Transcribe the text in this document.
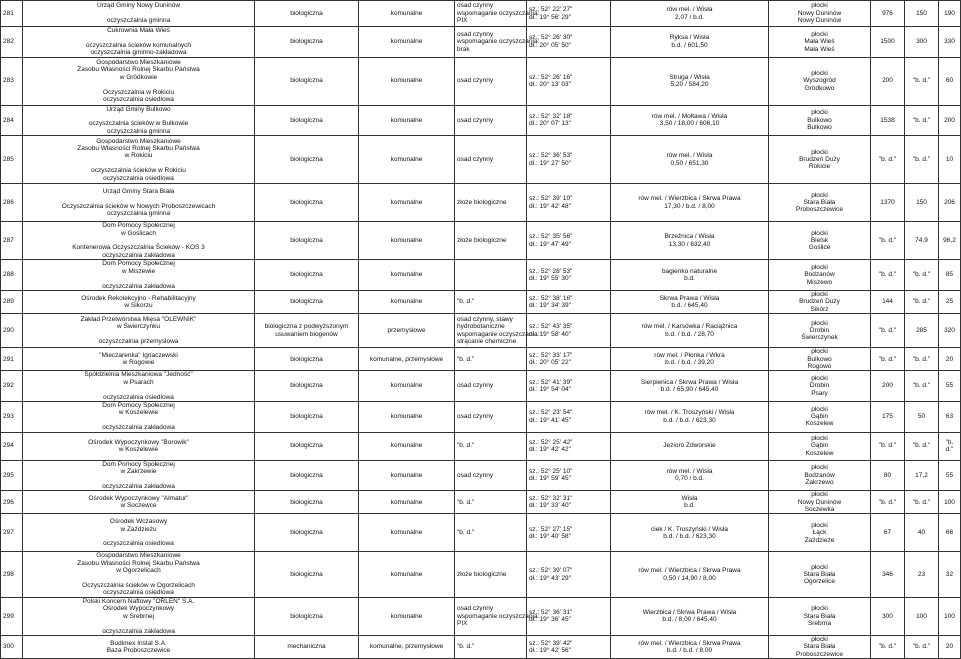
281	Urząd Gminy Nowy Duninów

oczyszczalnia gminna	biologiczna	komunalne	osad czynny
wspomaganie oczyszczania:
PIX	sz.: 52° 22' 27"
dł.: 19° 56' 29"	rów mel. / Wisła
2,07 / b.d.	płocki
Nowy Duninów
Nowy Duninów	976	150	190
282	Cukrownia Mała Wieś

oczyszczalnia ścieków komunalnych
oczyszczalnia gminno-zakładowa	biologiczna	komunalne	osad czynny
wspomaganie oczyszczania:
brak	sz.: 52° 26' 30"
dł.: 20° 05' 50"	Ryksa / Wisła
b.d. / 601,50	płocki
Mała Wieś
Mała Wieś	1500	300	330
283	Gospodarstwo Mieszkaniowe
Zasobu Własności Rolnej Skarbu Państwa
w Gródkowie

Oczyszczalnia w Rokiciu
oczyszczalnia osiedlowa	biologiczna	komunalne	osad czynny	sz.: 52° 26' 16"
dł.: 20° 13' 03"	Struga / Wisła
5,20 / 584,20	płocki
Wyszogród
Gródkowo	200	"b. d."	60
284	Urząd Gminy Bulkowo

oczyszczalnia ścieków w Bulkowie
oczyszczalnia gminna	biologiczna	komunalne	osad czynny	sz.: 52° 32' 18"
dł.: 20° 07' 13"	rów mel. / Mołtawa / Wisła
3,50 / 18,00 / 606,10	płocki
Bulkowo
Bulkowo	1538	"b. d."	200
285	Gospodarstwo Mieszkaniowe
Zasobu Własności Rolnej Skarbu Państwa
w Rokiciu

oczyszczalnia ścieków w Rokiciu
oczyszczalnia osiedlowa	biologiczna	komunalne	osad czynny	sz.: 52° 36' 53"
dł.: 19° 27' 50"	rów mel. / Wisła
0,50 / 651,30	płocki
Brudzeń Duży
Rokicie	"b. d."	"b. d."	10
286	Urząd Gminy Stara Biała

Oczyszczalnia ścieków w Nowych Proboszczewicach
oczyszczalnia gminna	biologiczna	komunalne	złoże biologiczne	sz.: 52° 39' 10"
dł.: 19° 42' 48"	rów mel. / Wierzbica / Skrwa Prawa
17,30 / b.d. / 8,00	płocki
Stara Biała
Proboszczewice	1370	150	206
287	Dom Pomocy Społecznej
w Goślicach

Kontenerowa Oczyszczalnia Ścieków - KOS 3
oczyszczalnia zakładowa	biologiczna	komunalne	złoże biologiczne	sz.: 52° 35' 56"
dł.: 19° 47' 49"	Brzeźnica / Wisła
13,30 / 632,40	płocki
Bielsk
Goślice	"b. d."	74,9	96,2
288	Dom Pomocy Społecznej
w Miszewie

oczyszczalnia zakładowa	biologiczna	komunalne		sz.: 52° 28' 53"
dł.: 19° 55' 30"	bagienko naturalne
b.d.	płocki
Bodzanów
Miszewo	"b. d."	"b. d."	85
289	Ośrodek Rekolekcyjno - Rehabilitacyjny
w Sikorzu	biologiczna	komunalne	"b. d."	sz.: 52° 38' 16"
dł.: 19° 34' 39"	Skrwa Prawa / Wisła
b.d. / 645,40	płocki
Brudzeń Duży
Sikórz	144	"b. d."	25
290	Zakład Przetwórstwa Mięsa "OLEWNIK"
w Świerczynku

oczyszczalnia przemysłowa	biologiczna z podwyższonym usuwaniem biogenów	przemysłowe	osad czynny, stawy
hydrobotaniczne
wspomaganie oczyszczania:
strącanie chemiczne	sz.: 52° 43' 35"
dł.: 19° 58' 40"	rów mel. / Karsówka / Raciążnica
b.d. / b.d. / 28,70	płocki
Drobin
Świerczynek	"b. d."	285	320
291	"Mieczarenka" Ignaczewski
w Rogowie	biologiczna	komunalne, przemysłowe	"b. d."	sz.: 52° 33' 17"
dł.: 20° 05' 22"	rów mel. / Płonka / Wkra
b.d. / b.d. / 39,20	płocki
Bulkowo
Rogowo	"b. d."	"b. d."	20
292	Spółdzielnia Mieszkaniowa "Jedność"
w Psarach

oczyszczalnia osiedlowa	biologiczna	komunalne	osad czynny	sz.: 52° 41' 39"
dł.: 19° 54' 04"	Sierpienica / Skrwa Prawa / Wisła
b.d. / 65,90 / 645,40	płocki
Drobin
Psary	200	"b. d."	55
293	Dom Pomocy Społecznej
w Koszelewie

oczyszczalnia zakładowa	biologiczna	komunalne	osad czynny	sz.: 52° 23' 54"
dł.: 19° 41' 45"	rów mel. / K. Troszyński / Wisła
b.d. / b.d. / 623,30	płocki
Gąbin
Koszelew	175	50	63
294	Ośrodek Wypoczynkowy "Borowik"
w Koszelewie	biologiczna	komunalne	"b. d."	sz.: 52° 25' 42"
dł.: 19° 42' 42"	Jezioro Zdworskie	płocki
Gąbin
Koszelew	"b. d."	"b. d."	"b. d."
295	Dom Pomocy Społecznej
w Zakrzewie

oczyszczalnia zakładowa	biologiczna	komunalne	osad czynny	sz.: 52° 25' 10"
dł.: 19° 59' 45"	rów mel. / Wisła
0,70 / b.d.	płocki
Bodzanów
Zakrzewo	80	17,2	55
296	Ośrodek Wypoczynkowy "Almatur"
w Soczewce	biologiczna	komunalne	"b. d."	sz.: 52° 32' 31"
dł.: 19° 33' 40"	Wisła
b.d.	płocki
Nowy Duninów
Soczewka	"b. d."	"b. d."	100
297	Ośrodek Wczasowy
w Zaździeżu

oczyszczalnia osiedlowa	biologiczna	komunalne	"b. d."	sz.: 52° 27' 15"
dł.: 19° 40' 58"	ciek / K. Troszyński / Wisła
b.d. / b.d. / 623,30	płocki
Łąck
Zaździeże	67	40	66
298	Gospodarstwo Mieszkaniowe
Zasobu Własności Rolnej Skarbu Państwa
w Ogorzelicach

Oczyszczalnia ścieków w Ogorzelicach
oczyszczalnia osiedlowa	biologiczna	komunalne	złoże biologiczne	sz.: 52° 39' 07"
dł.: 19° 43' 29"	rów mel. / Wierzbica / Skrwa Prawa
0,50 / 14,90 / 8,00	płocki
Stara Biała
Ogorzelice	346	23	32
299	Polski Koncern Naftowy "ORLEN" S.A.
Ośrodek Wypoczynkowy
w Srebrnej

oczyszczalnia zakładowa	biologiczna	komunalne	osad czynny
wspomaganie oczyszczania:
PIX	sz.: 52° 36' 31"
dł.: 19° 36' 45"	Wierzbica / Skrwa Prawa / Wisła
b.d. / 8,00 / 645,40	płocki
Stara Biała
Srebrna	300	100	100
300	Budimex Instal S.A.
Baza Proboszczewice	mechaniczna	komunalne, przemysłowe	"b. d."	sz.: 52° 39' 42"
dł.: 19° 42' 56"	rów mel. / Wierzbica / Skrwa Prawa
b.d. / b.d. / 8,00	płocki
Stara Biała
Proboszczewice	"b. d."	"b. d."	20
